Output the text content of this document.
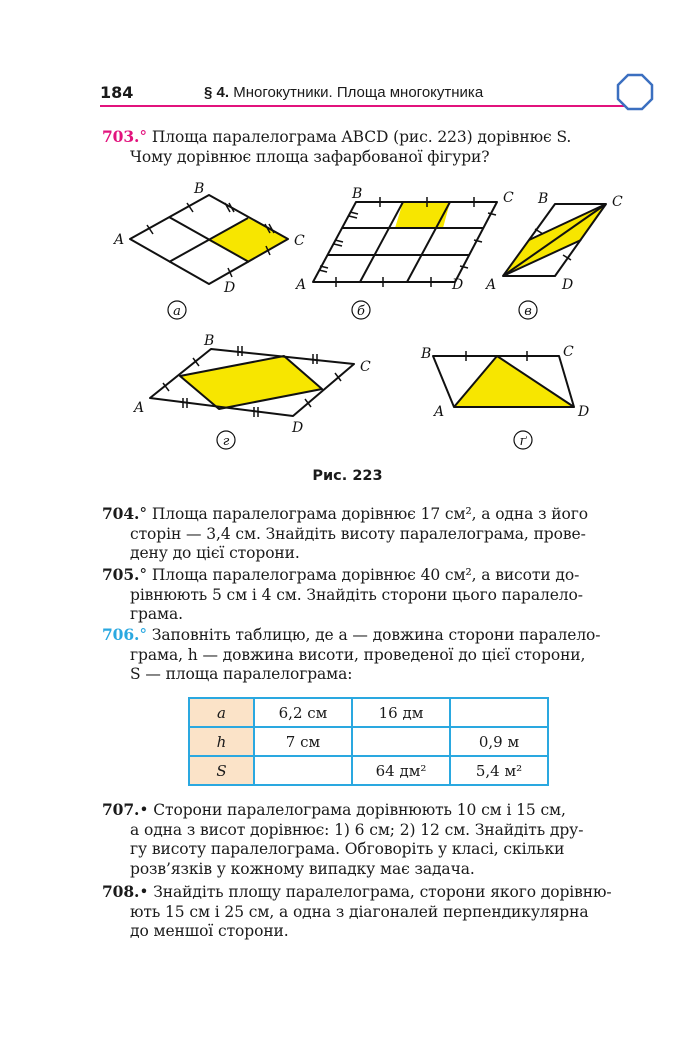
184	§ 4. Многокутники. Площа многокутника
703.° Площа паралелограма ABCD (рис. 223) дорівнює S.
Чому дорівнює площа зафарбованої фігури?
A
B
C
D
B	C
A	D
B	C
A	D
B
C
A
D
B	C
A	D
а	б	в
г	ґ
Рис. 223
704.° Площа паралелограма дорівнює 17 см², а одна з його
сторін — 3,4 см. Знайдіть висоту паралелограма, прове-
дену до цієї сторони.
705.° Площа паралелограма дорівнює 40 см², а висоти до-
рівнюють 5 см і 4 см. Знайдіть сторони цього паралело-
грама.
706.° Заповніть таблицю, де a — довжина сторони паралело-
грама, h — довжина висоти, проведеної до цієї сторони,
S — площа паралелограма:
a	6,2 см	16 дм	
h	7 см		0,9 м
S		64 дм²	5,4 м²
707.• Сторони паралелограма дорівнюють 10 см і 15 см,
а одна з висот дорівнює: 1) 6 см; 2) 12 см. Знайдіть дру-
гу висоту паралелограма. Обговоріть у класі, скільки
розв’язків у кожному випадку має задача.
708.• Знайдіть площу паралелограма, сторони якого дорівню-
ють 15 см і 25 см, а одна з діагоналей перпендикулярна
до меншої сторони.
